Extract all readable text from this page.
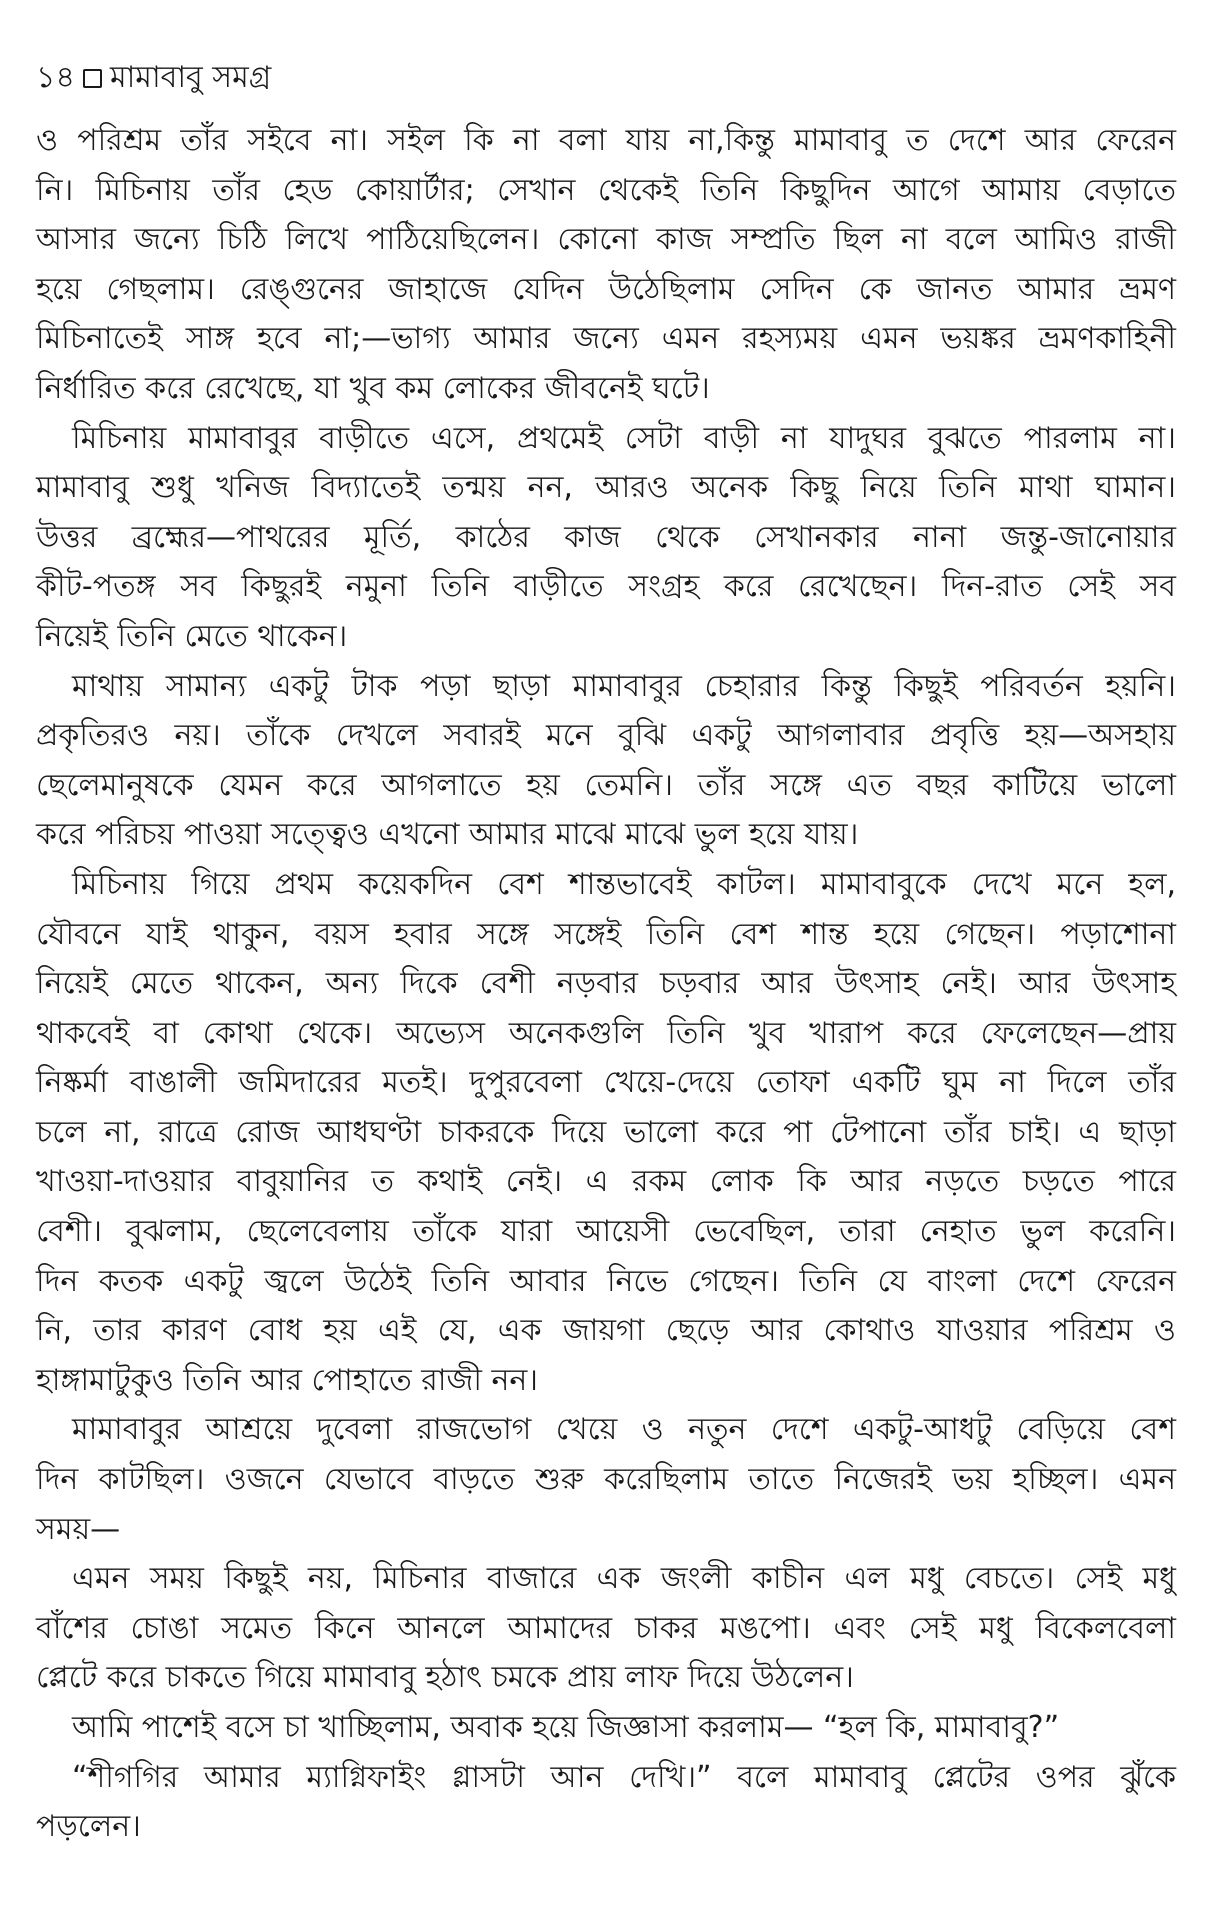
১৪ মামাবাবু সমগ্র
ও পরিশ্রম তাঁর সইবে না। সইল কি না বলা যায় না,কিন্তু মামাবাবু ত দেশে আর ফেরেন
নি। মিচিনায় তাঁর হেড কোয়ার্টার; সেখান থেকেই তিনি কিছুদিন আগে আমায় বেড়াতে
আসার জন্যে চিঠি লিখে পাঠিয়েছিলেন। কোনো কাজ সম্প্রতি ছিল না বলে আমিও রাজী
হয়ে গেছলাম। রেঙ্গুনের জাহাজে যেদিন উঠেছিলাম সেদিন কে জানত আমার ভ্রমণ
মিচিনাতেই সাঙ্গ হবে না;—ভাগ্য আমার জন্যে এমন রহস্যময় এমন ভয়ঙ্কর ভ্রমণকাহিনী
নির্ধারিত করে রেখেছে, যা খুব কম লোকের জীবনেই ঘটে।
মিচিনায় মামাবাবুর বাড়ীতে এসে, প্রথমেই সেটা বাড়ী না যাদুঘর বুঝতে পারলাম না।
মামাবাবু শুধু খনিজ বিদ্যাতেই তন্ময় নন, আরও অনেক কিছু নিয়ে তিনি মাথা ঘামান।
উত্তর ব্রহ্মের—পাথরের মূর্তি, কাঠের কাজ থেকে সেখানকার নানা জন্তু-জানোয়ার
কীট-পতঙ্গ সব কিছুরই নমুনা তিনি বাড়ীতে সংগ্রহ করে রেখেছেন। দিন-রাত সেই সব
নিয়েই তিনি মেতে থাকেন।
মাথায় সামান্য একটু টাক পড়া ছাড়া মামাবাবুর চেহারার কিন্তু কিছুই পরিবর্তন হয়নি।
প্রকৃতিরও নয়। তাঁকে দেখলে সবারই মনে বুঝি একটু আগলাবার প্রবৃত্তি হয়—অসহায়
ছেলেমানুষকে যেমন করে আগলাতে হয় তেমনি। তাঁর সঙ্গে এত বছর কাটিয়ে ভালো
করে পরিচয় পাওয়া সত্ত্বেও এখনো আমার মাঝে মাঝে ভুল হয়ে যায়।
মিচিনায় গিয়ে প্রথম কয়েকদিন বেশ শান্তভাবেই কাটল। মামাবাবুকে দেখে মনে হল,
যৌবনে যাই থাকুন, বয়স হবার সঙ্গে সঙ্গেই তিনি বেশ শান্ত হয়ে গেছেন। পড়াশোনা
নিয়েই মেতে থাকেন, অন্য দিকে বেশী নড়বার চড়বার আর উৎসাহ নেই। আর উৎসাহ
থাকবেই বা কোথা থেকে। অভ্যেস অনেকগুলি তিনি খুব খারাপ করে ফেলেছেন—প্রায়
নিষ্কর্মা বাঙালী জমিদারের মতই। দুপুরবেলা খেয়ে-দেয়ে তোফা একটি ঘুম না দিলে তাঁর
চলে না, রাত্রে রোজ আধঘণ্টা চাকরকে দিয়ে ভালো করে পা টেপানো তাঁর চাই। এ ছাড়া
খাওয়া-দাওয়ার বাবুয়ানির ত কথাই নেই। এ রকম লোক কি আর নড়তে চড়তে পারে
বেশী। বুঝলাম, ছেলেবেলায় তাঁকে যারা আয়েসী ভেবেছিল, তারা নেহাত ভুল করেনি।
দিন কতক একটু জ্বলে উঠেই তিনি আবার নিভে গেছেন। তিনি যে বাংলা দেশে ফেরেন
নি, তার কারণ বোধ হয় এই যে, এক জায়গা ছেড়ে আর কোথাও যাওয়ার পরিশ্রম ও
হাঙ্গামাটুকুও তিনি আর পোহাতে রাজী নন।
মামাবাবুর আশ্রয়ে দুবেলা রাজভোগ খেয়ে ও নতুন দেশে একটু-আধটু বেড়িয়ে বেশ
দিন কাটছিল। ওজনে যেভাবে বাড়তে শুরু করেছিলাম তাতে নিজেরই ভয় হচ্ছিল। এমন
সময়—
এমন সময় কিছুই নয়, মিচিনার বাজারে এক জংলী কাচীন এল মধু বেচতে। সেই মধু
বাঁশের চোঙা সমেত কিনে আনলে আমাদের চাকর মঙপো। এবং সেই মধু বিকেলবেলা
প্লেটে করে চাকতে গিয়ে মামাবাবু হঠাৎ চমকে প্রায় লাফ দিয়ে উঠলেন।
আমি পাশেই বসে চা খাচ্ছিলাম, অবাক হয়ে জিজ্ঞাসা করলাম— “হল কি, মামাবাবু?”
“শীগগির আমার ম্যাগ্নিফাইং গ্লাসটা আন দেখি।” বলে মামাবাবু প্লেটের ওপর ঝুঁকে
পড়লেন।
